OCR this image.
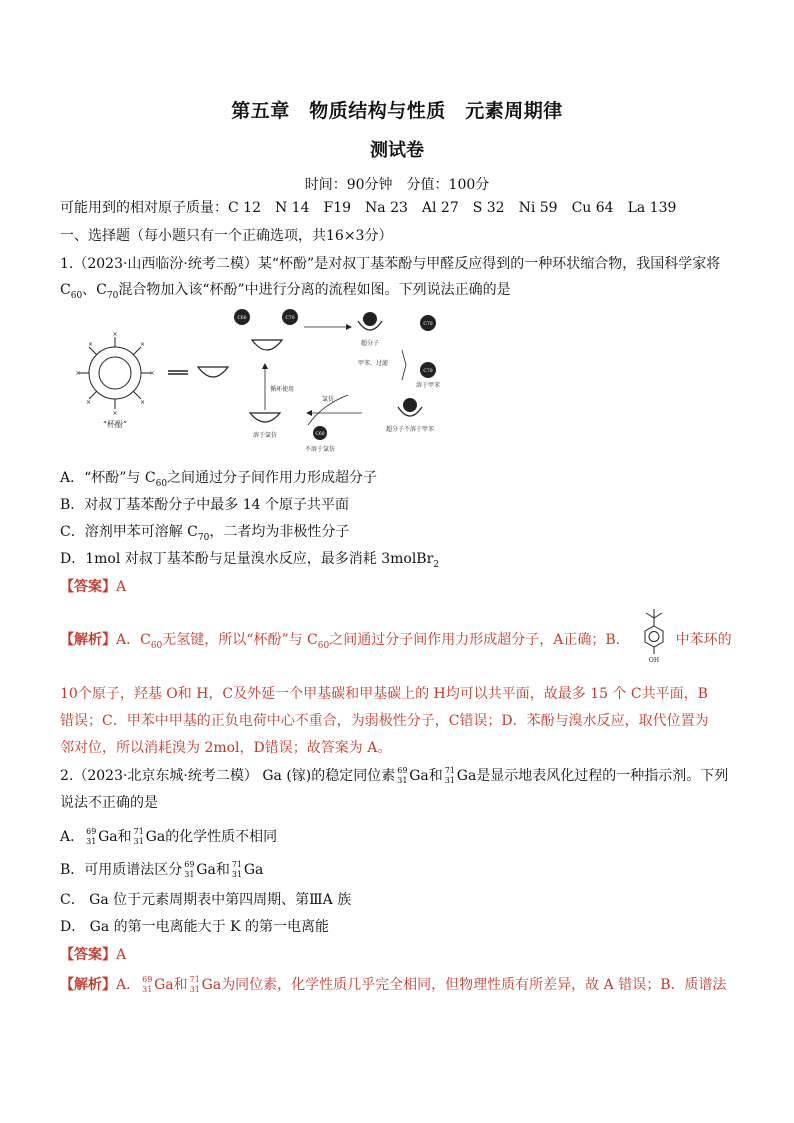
第五章　物质结构与性质　元素周期律
测试卷
时间：90分钟　分值：100分
可能用到的相对原子质量：C 12　N 14　F19　Na 23　Al 27　S 32　Ni 59　Cu 64　La 139
一、选择题（每小题只有一个正确选项，共16×3分）
1.（2023·山西临汾·统考二模）某“杯酚”是对叔丁基苯酚与甲醛反应得到的一种环状缩合物，我国科学家将
$C_{60}$、$C_{70}$混合物加入该“杯酚”中进行分离的流程如图。下列说法正确的是
×
×	×
×
×	×
×	×
“杯酚”
C60	C70
超分子
C70
循环使用
甲苯、过滤
C70
溶于甲苯
超分子不溶于甲苯
氯仿
溶于氯仿	C60
不溶于氯仿
A．“杯酚”与 $C_{60}$之间通过分子间作用力形成超分子
B．对叔丁基苯酚分子中最多 14 个原子共平面
C．溶剂甲苯可溶解 $C_{70}$，二者均为非极性分子
D．1mol 对叔丁基苯酚与足量溴水反应，最多消耗 3molBr$_2$
【答案】A
【解析】A．$C_{60}$无氢键，所以“杯酚”与 $C_{60}$之间通过分子间作用力形成超分子，A正确；B．	中苯环的
OH
10个原子，羟基 O和 H，C及外延一个甲基碳和甲基碳上的 H均可以共平面，故最多 15 个 C共平面，B
错误；C．甲苯中甲基的正负电荷中心不重合，为弱极性分子，C错误；D．苯酚与溴水反应，取代位置为
邻对位，所以消耗溴为 2mol，D错误；故答案为 A。
2.（2023·北京东城·统考二模） Ga (镓)的稳定同位素 69
31 Ga和 71
31 Ga是显示地表风化过程的一种指示剂。下列
说法不正确的是
A． 69
31 Ga和 71
31 Ga的化学性质不相同
B．可用质谱法区分 69
31 Ga和 71
31 Ga
C． Ga 位于元素周期表中第四周期、第ⅢA 族
D． Ga 的第一电离能大于 K 的第一电离能
【答案】A
【解析】A． 69
31 Ga和 71
31 Ga为同位素，化学性质几乎完全相同，但物理性质有所差异，故 A 错误；B．质谱法
